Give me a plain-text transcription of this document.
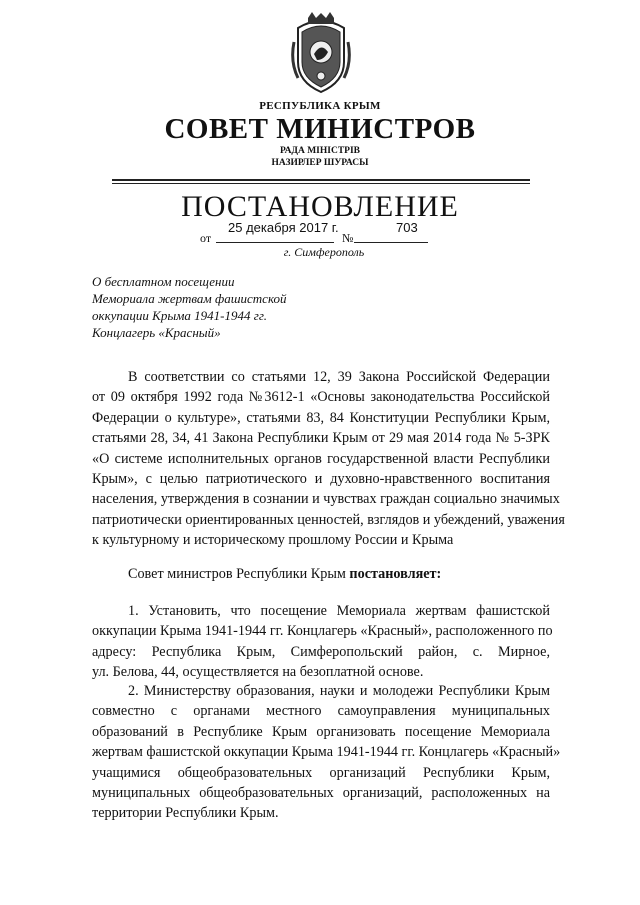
РЕСПУБЛИКА КРЫМ
СОВЕТ МИНИСТРОВ
РАДА МІНІСТРІВ
НАЗИРЛЕР ШУРАСЫ
ПОСТАНОВЛЕНИЕ
от
25 декабря 2017 г.
№
703
г. Симферополь
О бесплатном посещении
Мемориала жертвам фашистской
оккупации Крыма 1941-1944 гг.
Концлагерь «Красный»
В соответствии со статьями 12, 39 Закона Российской Федерации
от 09 октября 1992 года №3612-1 «Основы законодательства Российской
Федерации о культуре», статьями 83, 84 Конституции Республики Крым,
статьями 28, 34, 41 Закона Республики Крым от 29 мая 2014 года № 5-ЗРК
«О системе исполнительных органов государственной власти Республики
Крым», с целью патриотического и духовно-нравственного воспитания
населения, утверждения в сознании и чувствах граждан социально значимых
патриотически ориентированных ценностей, взглядов и убеждений, уважения
к культурному и историческому прошлому России и Крыма
Совет министров Республики Крым постановляет:
1. Установить, что посещение Мемориала жертвам фашистской
оккупации Крыма 1941-1944 гг. Концлагерь «Красный», расположенного по
адресу: Республика Крым, Симферопольский район, с. Мирное,
ул. Белова, 44, осуществляется на безоплатной основе.
2. Министерству образования, науки и молодежи Республики Крым
совместно с органами местного самоуправления муниципальных
образований в Республике Крым организовать посещение Мемориала
жертвам фашистской оккупации Крыма 1941-1944 гг. Концлагерь «Красный»
учащимися общеобразовательных организаций Республики Крым,
муниципальных общеобразовательных организаций, расположенных на
территории Республики Крым.
